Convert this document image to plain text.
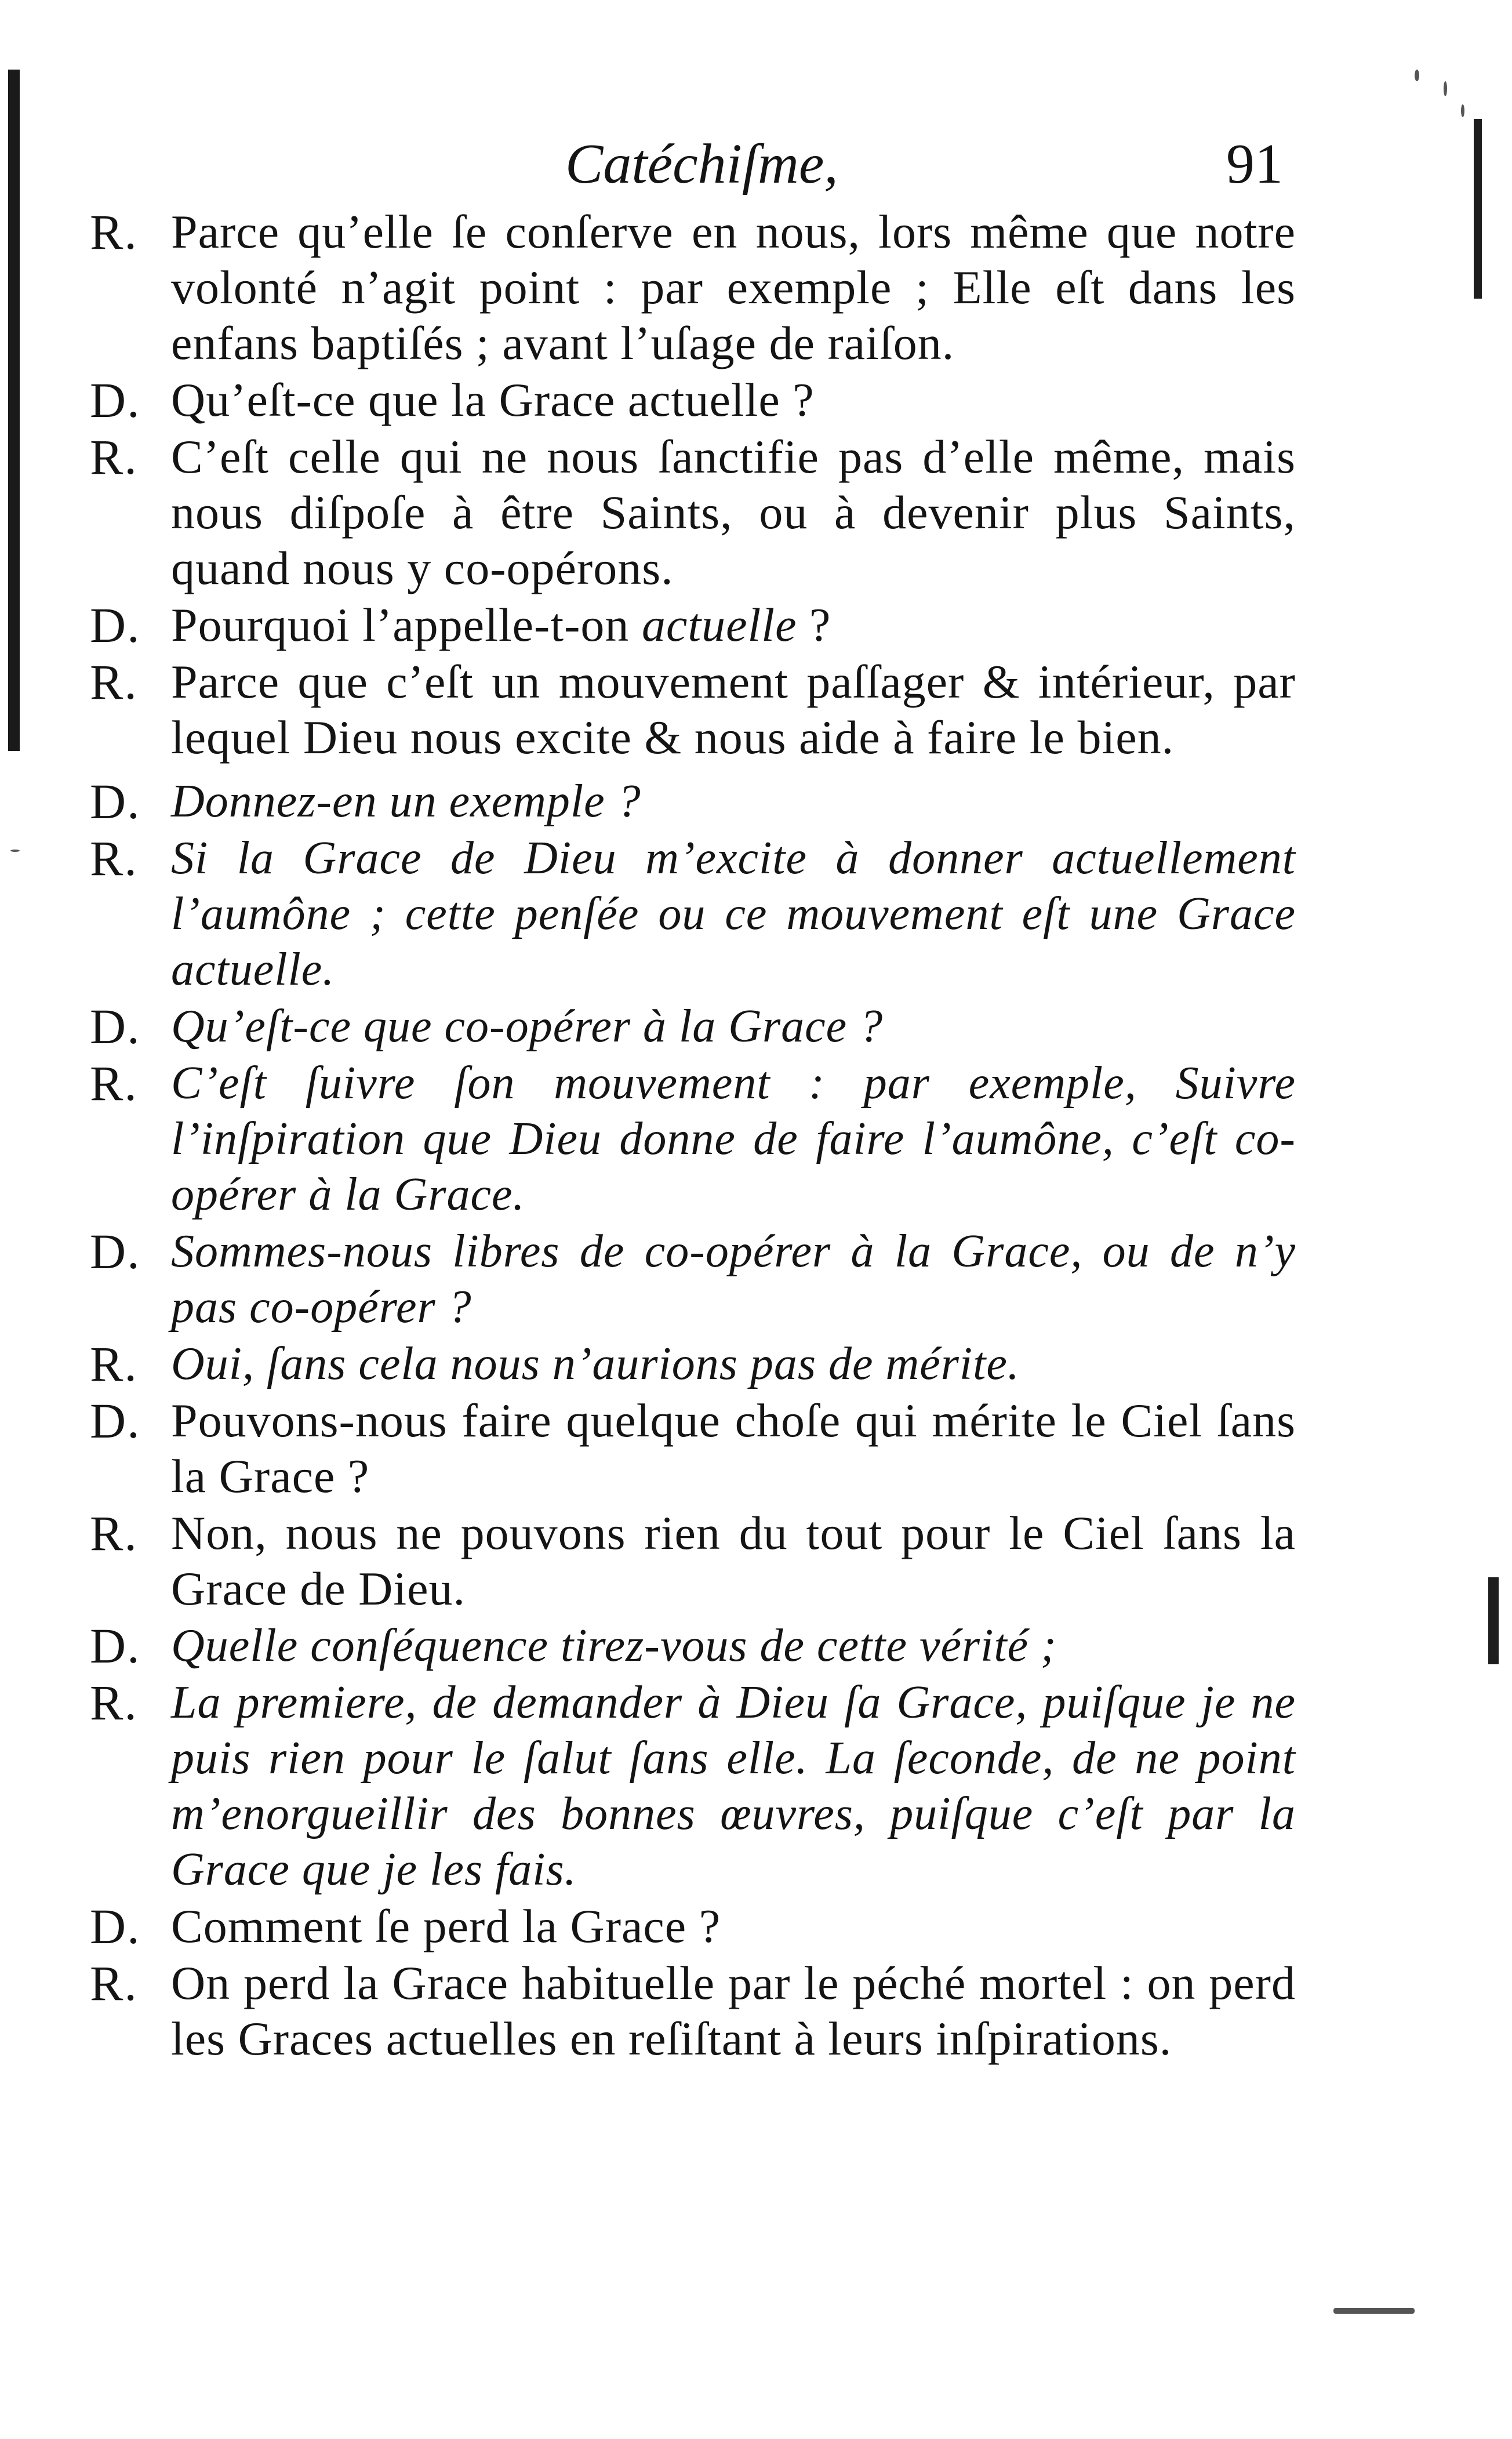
Catéchiſme,	91
R. Parce qu’elle ſe conſerve en nous, lors même que notre volonté n’agit point : par exemple ; Elle eſt dans les enfans baptiſés ; avant l’uſage de raiſon.
D. Qu’eſt-ce que la Grace actuelle ?
R. C’eſt celle qui ne nous ſanctifie pas d’elle même, mais nous diſpoſe à être Saints, ou à devenir plus Saints, quand nous y co-opérons.
D. Pourquoi l’appelle-t-on actuelle ?
R. Parce que c’eſt un mouvement paſſager & intérieur, par lequel Dieu nous excite & nous aide à faire le bien.
D. Donnez-en un exemple ?
R. Si la Grace de Dieu m’excite à donner actuellement l’aumône ; cette penſée ou ce mouvement eſt une Grace actuelle.
D. Qu’eſt-ce que co-opérer à la Grace ?
R. C’eſt ſuivre ſon mouvement : par exemple, Suivre l’inſpiration que Dieu donne de faire l’aumône, c’eſt co-opérer à la Grace.
D. Sommes-nous libres de co-opérer à la Grace, ou de n’y pas co-opérer ?
R. Oui, ſans cela nous n’aurions pas de mérite.
D. Pouvons-nous faire quelque choſe qui mérite le Ciel ſans la Grace ?
R. Non, nous ne pouvons rien du tout pour le Ciel ſans la Grace de Dieu.
D. Quelle conſéquence tirez-vous de cette vérité ;
R. La premiere, de demander à Dieu ſa Grace, puiſque je ne puis rien pour le ſalut ſans elle. La ſeconde, de ne point m’enorgueillir des bonnes œuvres, puiſque c’eſt par la Grace que je les fais.
D. Comment ſe perd la Grace ?
R. On perd la Grace habituelle par le péché mortel : on perd les Graces actuelles en reſiſtant à leurs inſpirations.
